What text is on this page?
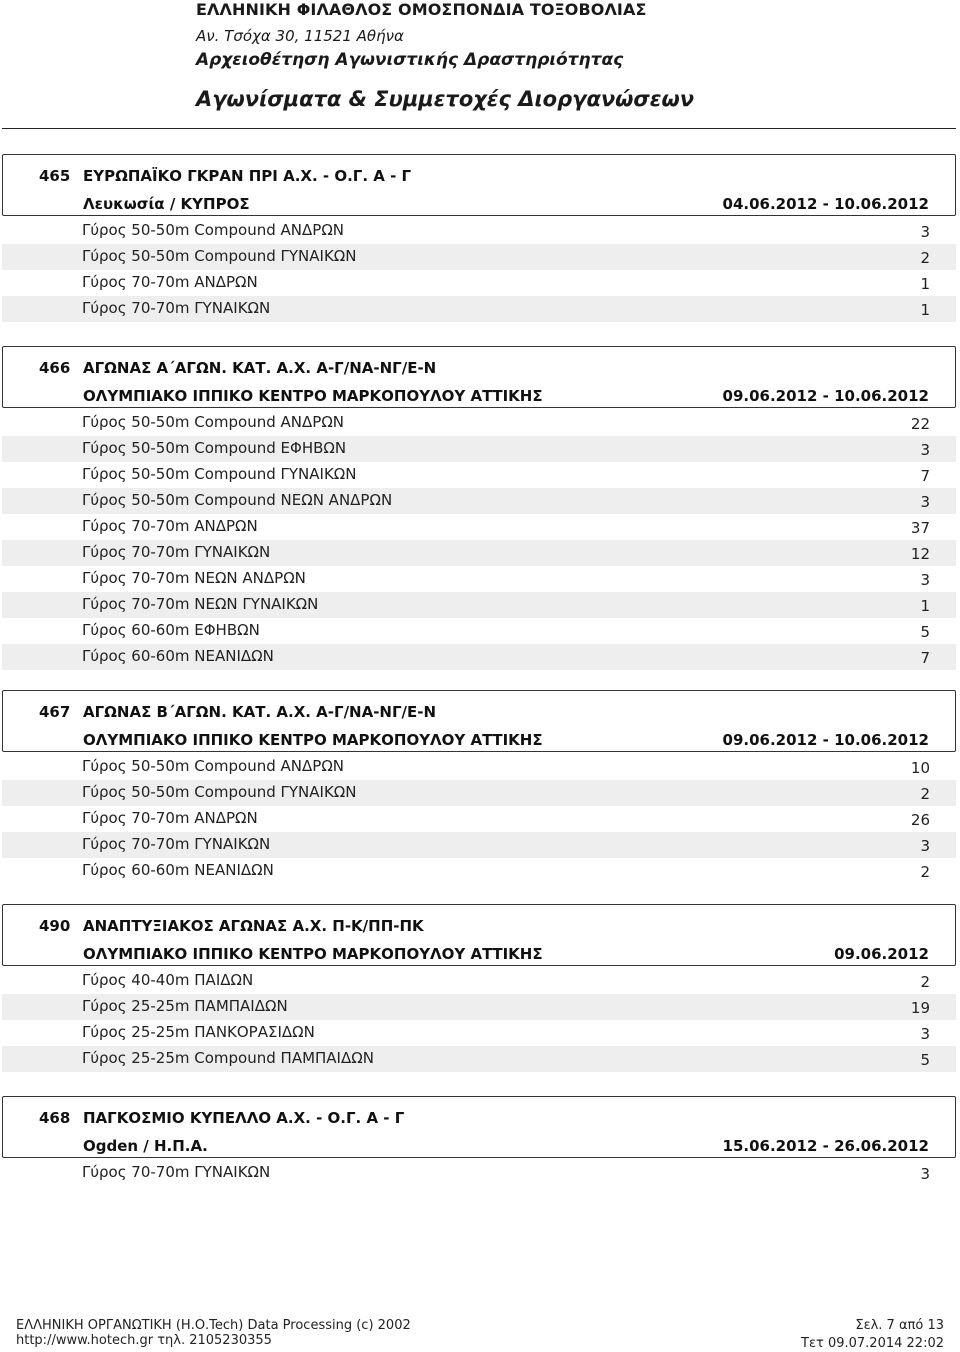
ΕΛΛΗΝΙΚΗ ΦΙΛΑΘΛΟΣ ΟΜΟΣΠΟΝΔΙΑ ΤΟΞΟΒΟΛΙΑΣ
Αν. Τσόχα 30, 11521 Αθήνα
Αρχειοθέτηση Αγωνιστικής Δραστηριότητας
Αγωνίσματα & Συμμετοχές Διοργανώσεων
465 ΕΥΡΩΠΑΪΚΟ ΓΚΡΑΝ ΠΡΙ Α.Χ. - Ο.Γ. Α - Γ
Λευκωσία / ΚΥΠΡΟΣ	04.06.2012 - 10.06.2012
Γύρος 50-50m Compound ΑΝΔΡΩΝ	3
Γύρος 50-50m Compound ΓΥΝΑΙΚΩΝ	2
Γύρος 70-70m ΑΝΔΡΩΝ	1
Γύρος 70-70m ΓΥΝΑΙΚΩΝ	1
466 ΑΓΩΝΑΣ Α΄ΑΓΩΝ. ΚΑΤ. Α.Χ. Α-Γ/ΝΑ-ΝΓ/Ε-Ν
ΟΛΥΜΠΙΑΚΟ ΙΠΠΙΚΟ ΚΕΝΤΡΟ ΜΑΡΚΟΠΟΥΛΟΥ ΑΤΤΙΚΗΣ	09.06.2012 - 10.06.2012
Γύρος 50-50m Compound ΑΝΔΡΩΝ	22
Γύρος 50-50m Compound ΕΦΗΒΩΝ	3
Γύρος 50-50m Compound ΓΥΝΑΙΚΩΝ	7
Γύρος 50-50m Compound ΝΕΩΝ ΑΝΔΡΩΝ	3
Γύρος 70-70m ΑΝΔΡΩΝ	37
Γύρος 70-70m ΓΥΝΑΙΚΩΝ	12
Γύρος 70-70m ΝΕΩΝ ΑΝΔΡΩΝ	3
Γύρος 70-70m ΝΕΩΝ ΓΥΝΑΙΚΩΝ	1
Γύρος 60-60m ΕΦΗΒΩΝ	5
Γύρος 60-60m ΝΕΑΝΙΔΩΝ	7
467 ΑΓΩΝΑΣ Β΄ΑΓΩΝ. ΚΑΤ. Α.Χ. Α-Γ/ΝΑ-ΝΓ/Ε-Ν
ΟΛΥΜΠΙΑΚΟ ΙΠΠΙΚΟ ΚΕΝΤΡΟ ΜΑΡΚΟΠΟΥΛΟΥ ΑΤΤΙΚΗΣ	09.06.2012 - 10.06.2012
Γύρος 50-50m Compound ΑΝΔΡΩΝ	10
Γύρος 50-50m Compound ΓΥΝΑΙΚΩΝ	2
Γύρος 70-70m ΑΝΔΡΩΝ	26
Γύρος 70-70m ΓΥΝΑΙΚΩΝ	3
Γύρος 60-60m ΝΕΑΝΙΔΩΝ	2
490 ΑΝΑΠΤΥΞΙΑΚΟΣ ΑΓΩΝΑΣ Α.Χ. Π-Κ/ΠΠ-ΠΚ
ΟΛΥΜΠΙΑΚΟ ΙΠΠΙΚΟ ΚΕΝΤΡΟ ΜΑΡΚΟΠΟΥΛΟΥ ΑΤΤΙΚΗΣ	09.06.2012
Γύρος 40-40m ΠΑΙΔΩΝ	2
Γύρος 25-25m ΠΑΜΠΑΙΔΩΝ	19
Γύρος 25-25m ΠΑΝΚΟΡΑΣΙΔΩΝ	3
Γύρος 25-25m Compound ΠΑΜΠΑΙΔΩΝ	5
468 ΠΑΓΚΟΣΜΙΟ ΚΥΠΕΛΛΟ Α.Χ. - Ο.Γ. Α - Γ
Ogden / Η.Π.Α.	15.06.2012 - 26.06.2012
Γύρος 70-70m ΓΥΝΑΙΚΩΝ	3
ΕΛΛΗΝΙΚΗ ΟΡΓΑΝΩΤΙΚΗ (Η.Ο.Tech) Data Processing (c) 2002
http://www.hotech.gr τηλ. 2105230355
Σελ. 7 από 13
Τετ 09.07.2014 22:02
